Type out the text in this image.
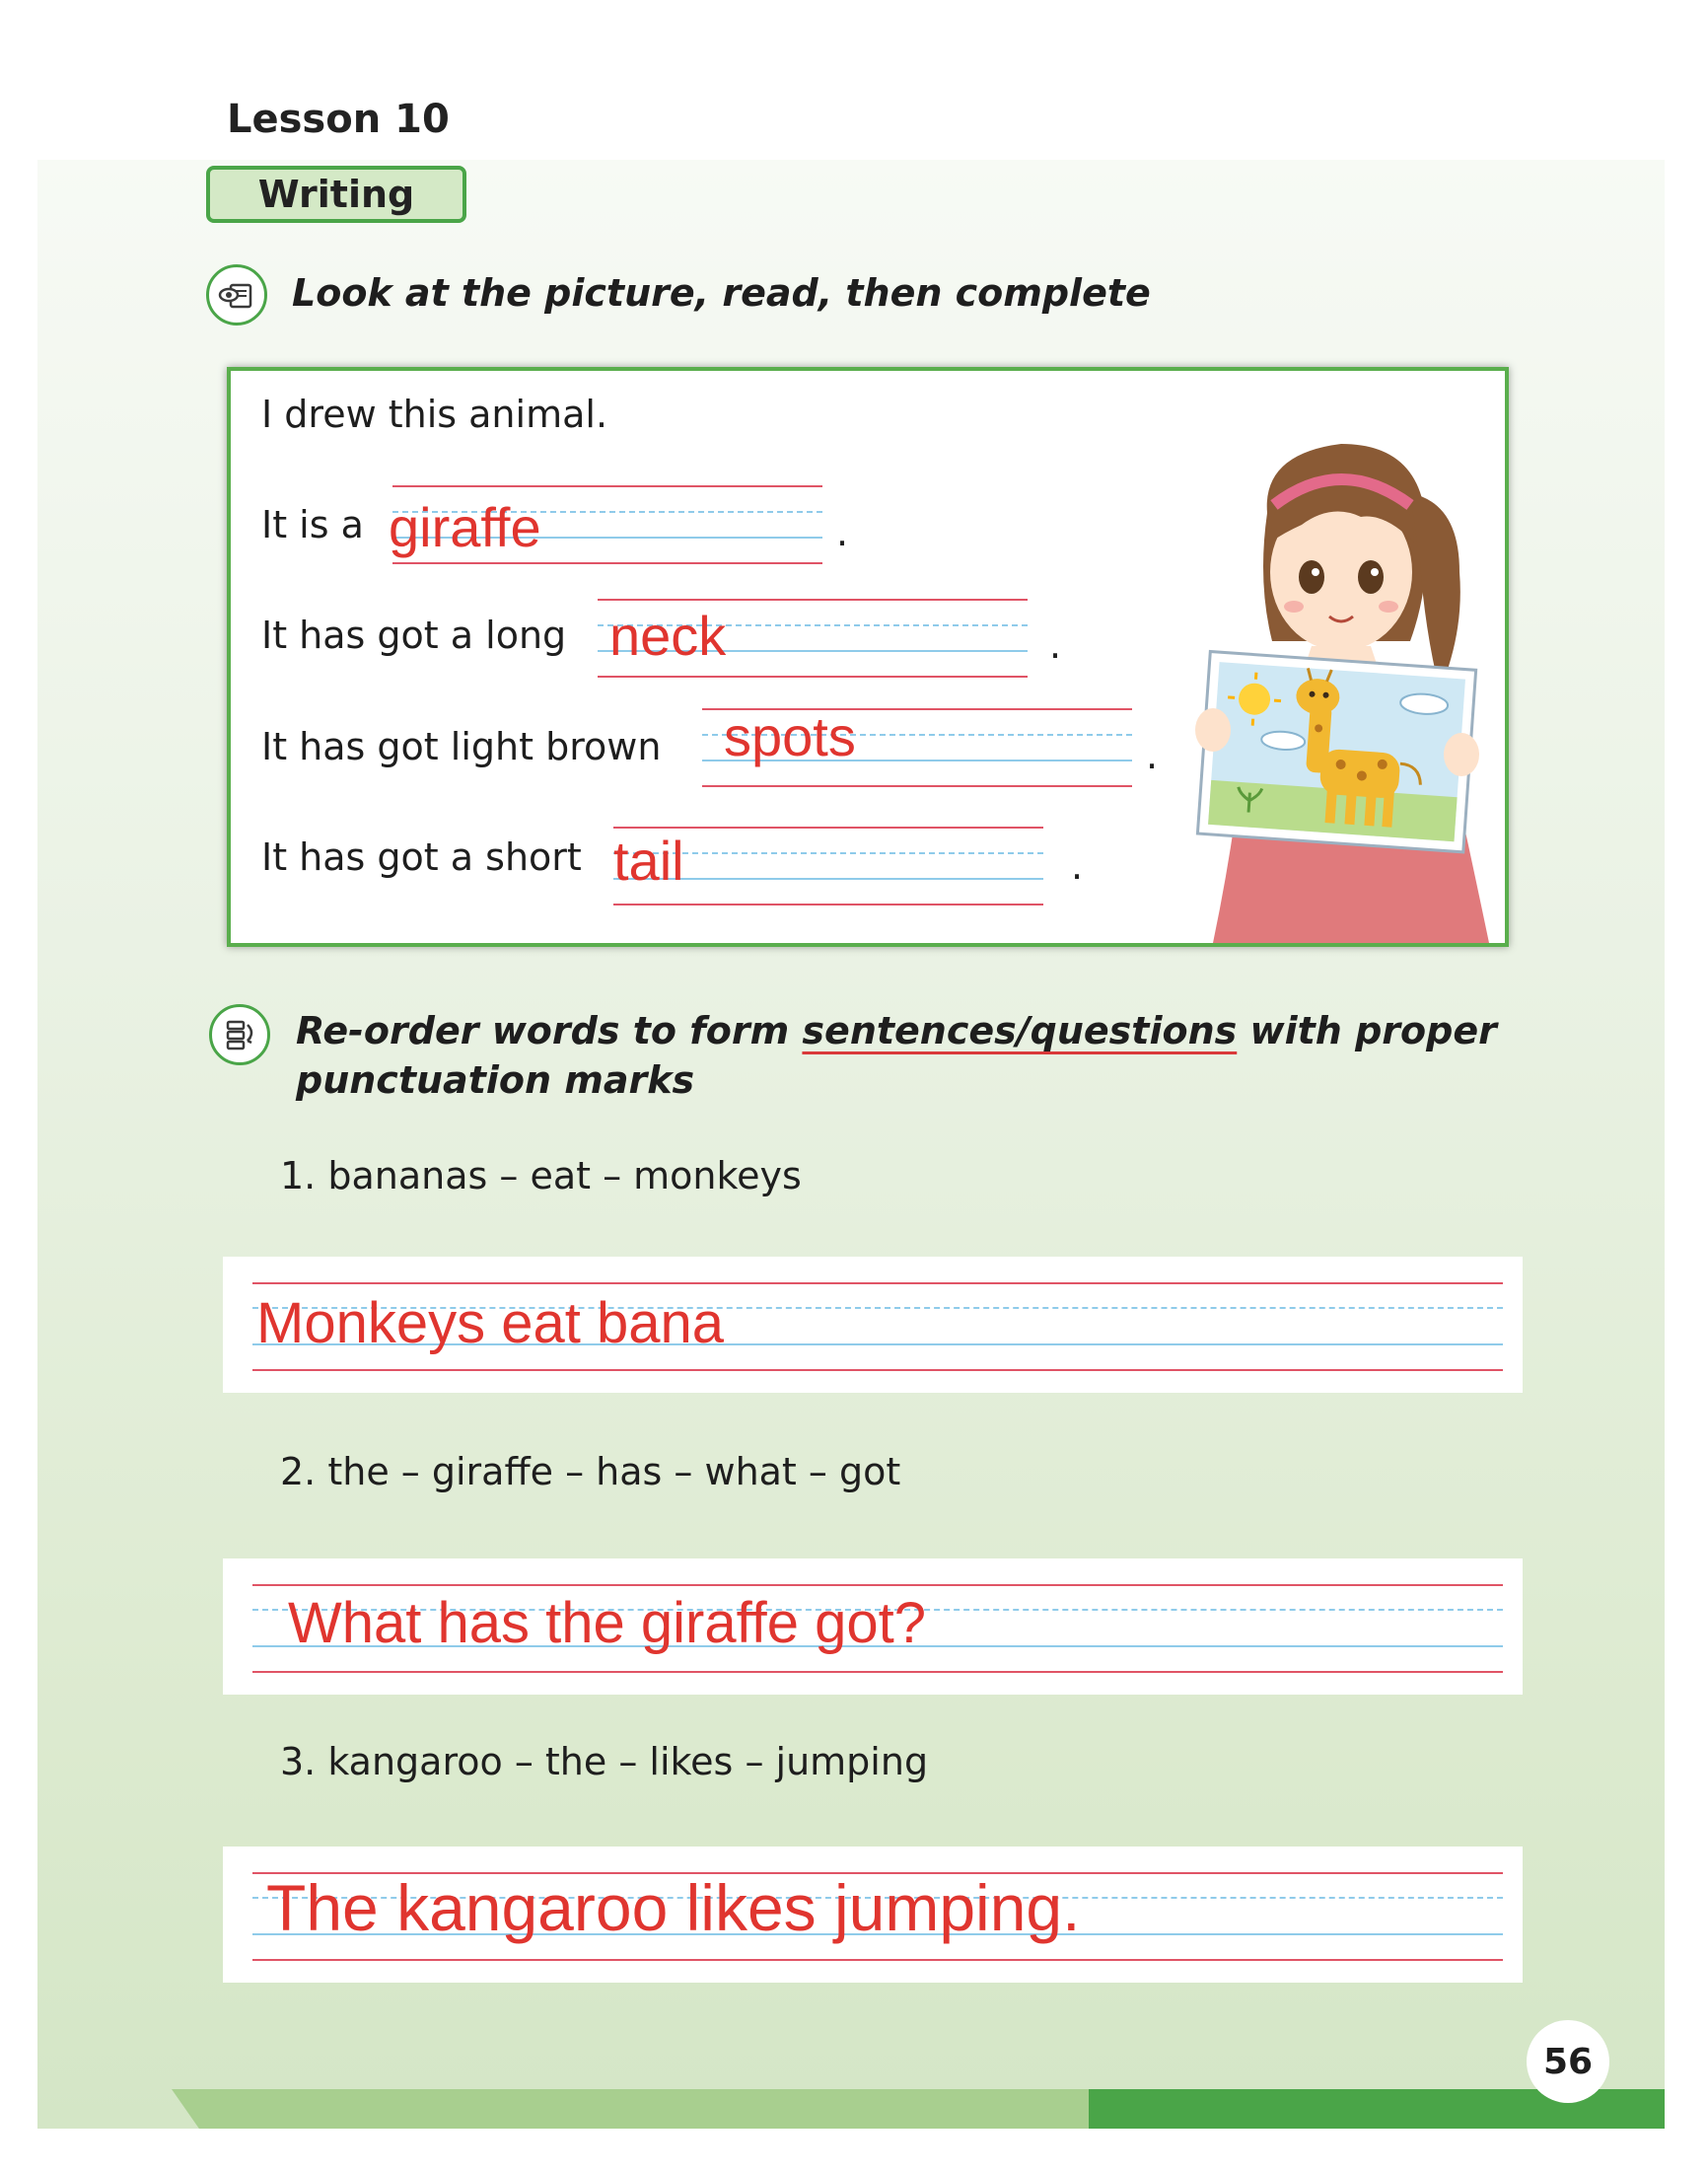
Lesson 10
Writing
Look at the picture, read, then complete
I drew this animal.
It is a giraffe	.
It has got a long neck	.
It has got light brown spots	.
It has got a short tail	.
Re-order words to form sentences/questions with proper
punctuation marks
1. bananas – eat – monkeys
Monkeys eat bana
2. the – giraffe – has – what – got
What has the giraffe got?
3. kangaroo – the – likes – jumping
The kangaroo likes jumping.
56
